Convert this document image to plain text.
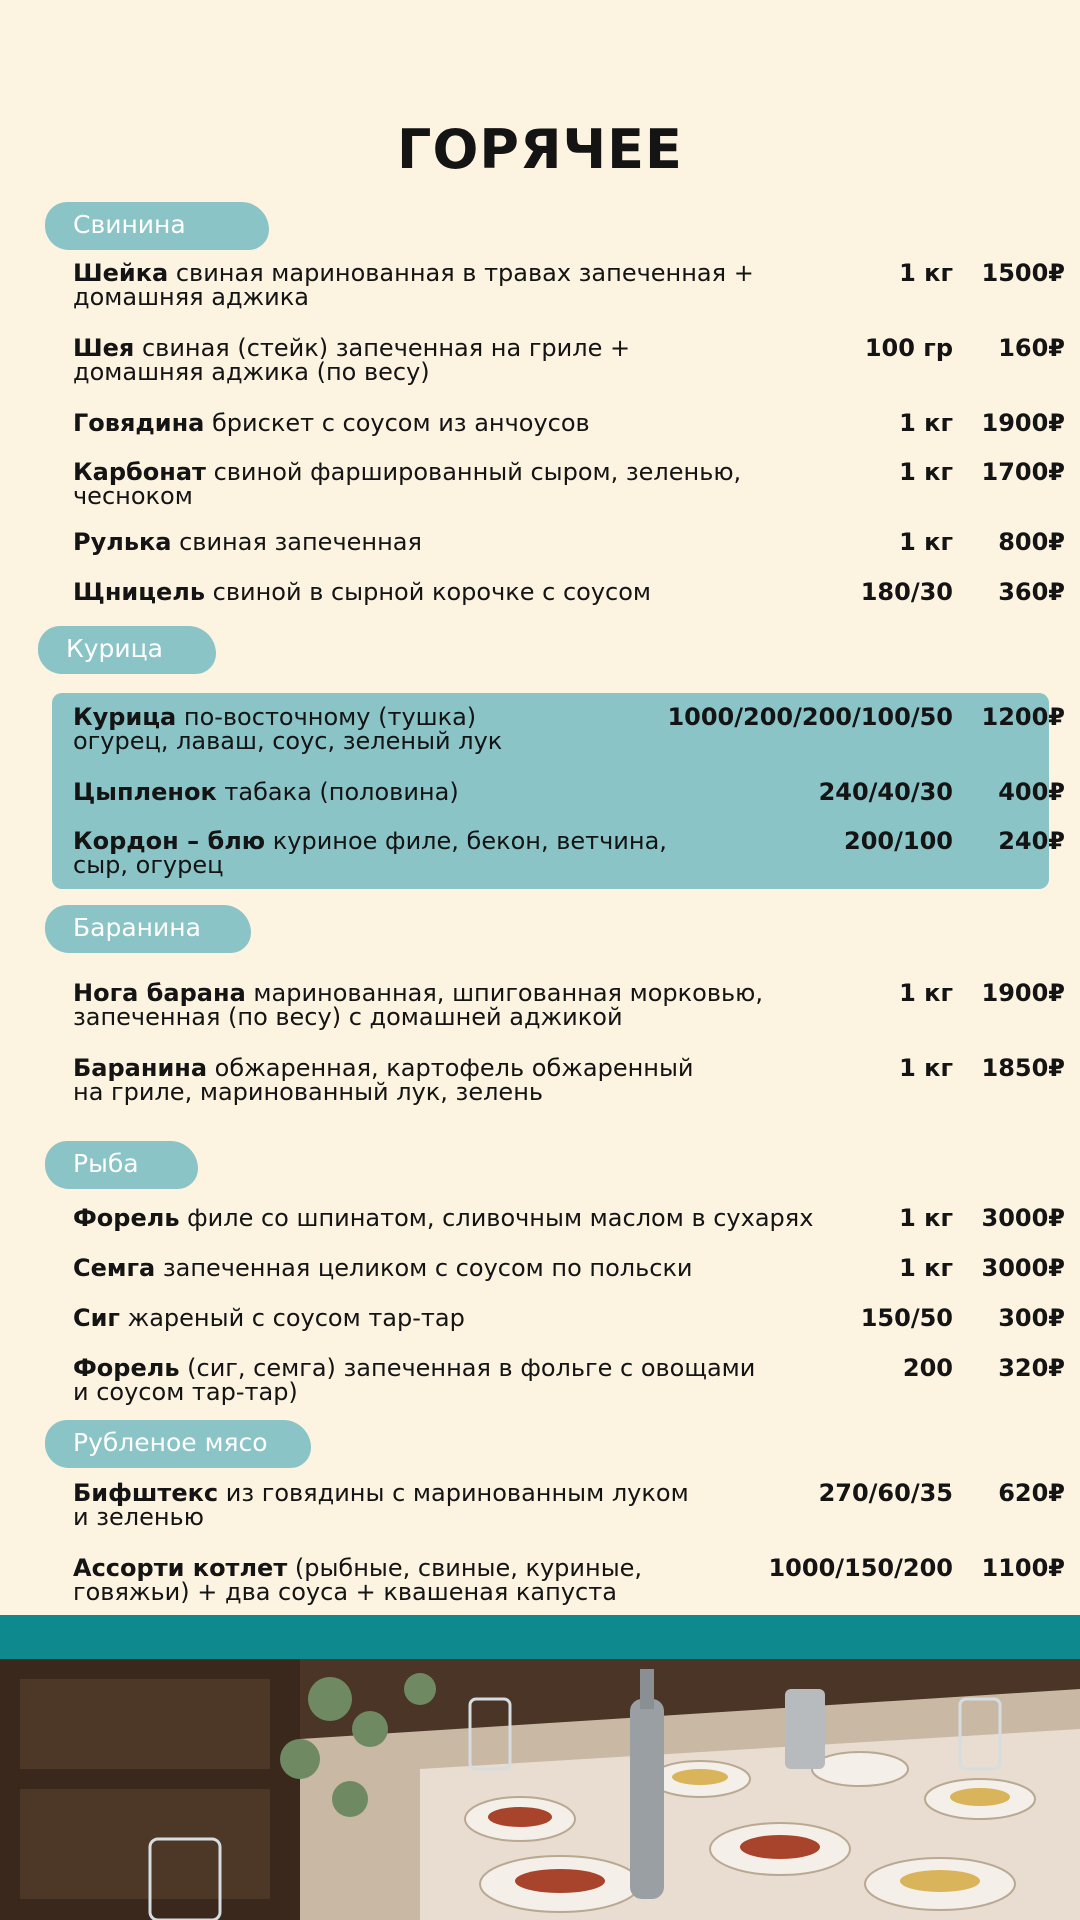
ГОРЯЧЕЕ
Свинина
Шейка свиная маринованная в травах запеченная +
домашняя аджика
1 кг	1500₽
Шея свиная (стейк) запеченная на гриле +
домашняя аджика (по весу)
100 гр	160₽
Говядина брискет с соусом из анчоусов	1 кг	1900₽
Карбонат свиной фаршированный сыром, зеленью,
чесноком
1 кг	1700₽
Рулька свиная запеченная	1 кг	800₽
Щницель свиной в сырной корочке с соусом	180/30	360₽
Курица
Курица по-восточному (тушка)
огурец, лаваш, соус, зеленый лук
1000/200/200/100/50	1200₽
Цыпленок табака (половина)	240/40/30	400₽
Кордон – блю куриное филе, бекон, ветчина,
сыр, огурец
200/100	240₽
Баранина
Нога барана маринованная, шпигованная морковью,
запеченная (по весу) с домашней аджикой
1 кг	1900₽
Баранина обжаренная, картофель обжаренный
на гриле, маринованный лук, зелень
1 кг	1850₽
Рыба
Форель филе со шпинатом, сливочным маслом в сухарях	1 кг	3000₽
Семга запеченная целиком с соусом по польски	1 кг	3000₽
Сиг жареный с соусом тар-тар	150/50	300₽
Форель (сиг, семга) запеченная в фольге с овощами
и соусом тар-тар)
200	320₽
Рубленое мясо
Бифштекс из говядины с маринованным луком
и зеленью
270/60/35	620₽
Ассорти котлет (рыбные, свиные, куриные,
говяжьи) + два соуса + квашеная капуста
1000/150/200	1100₽
